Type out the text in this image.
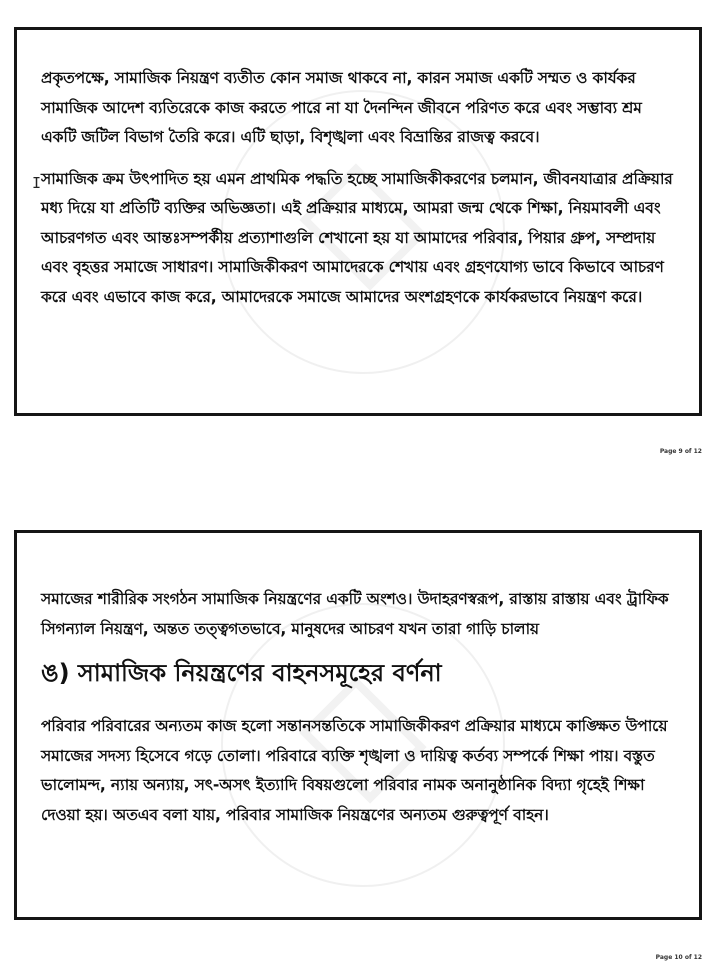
প্রকৃতপক্ষে, সামাজিক নিয়ন্ত্রণ ব্যতীত কোন সমাজ থাকবে না, কারন সমাজ একটি সম্মত ও কার্যকর সামাজিক আদেশ ব্যতিরেকে কাজ করতে পারে না যা দৈনন্দিন জীবনে পরিণত করে এবং সম্ভাব্য শ্রম একটি জটিল বিভাগ তৈরি করে। এটি ছাড়া, বিশৃঙ্খলা এবং বিভ্রান্তির রাজত্ব করবে।

সামাজিক ক্রম উৎপাদিত হয় এমন প্রাথমিক পদ্ধতি হচ্ছে সামাজিকীকরণের চলমান, জীবনযাত্রার প্রক্রিয়ার মধ্য দিয়ে যা প্রতিটি ব্যক্তির অভিজ্ঞতা। এই প্রক্রিয়ার মাধ্যমে, আমরা জন্ম থেকে শিক্ষা, নিয়মাবলী এবং আচরণগত এবং আন্তঃসম্পর্কীয় প্রত্যাশাগুলি শেখানো হয় যা আমাদের পরিবার, পিয়ার গ্রুপ, সম্প্রদায় এবং বৃহত্তর সমাজে সাধারণ। সামাজিকীকরণ আমাদেরকে শেখায় এবং গ্রহণযোগ্য ভাবে কিভাবে আচরণ করে এবং এভাবে কাজ করে, আমাদেরকে সমাজে আমাদের অংশগ্রহণকে কার্যকরভাবে নিয়ন্ত্রণ করে।

I
Page 9 of 12

সমাজের শারীরিক সংগঠন সামাজিক নিয়ন্ত্রণের একটি অংশও। উদাহরণস্বরূপ, রাস্তায় রাস্তায় এবং ট্রাফিক সিগন্যাল নিয়ন্ত্রণ, অন্তত তত্ত্বগতভাবে, মানুষদের আচরণ যখন তারা গাড়ি চালায়

ঙ) সামাজিক নিয়ন্ত্রণের বাহনসমূহের বর্ণনা

পরিবার পরিবারের অন্যতম কাজ হলো সন্তানসন্ততিকে সামাজিকীকরণ প্রক্রিয়ার মাধ্যমে কাঙ্ক্ষিত উপায়ে সমাজের সদস্য হিসেবে গড়ে তোলা। পরিবারে ব্যক্তি শৃঙ্খলা ও দায়িত্ব কর্তব্য সম্পর্কে শিক্ষা পায়। বস্তুত ভালোমন্দ, ন্যায় অন্যায়, সৎ-অসৎ ইত্যাদি বিষয়গুলো পরিবার নামক অনানুষ্ঠানিক বিদ্যা গৃহেই শিক্ষা দেওয়া হয়। অতএব বলা যায়, পরিবার সামাজিক নিয়ন্ত্রণের অন্যতম গুরুত্বপূর্ণ বাহন।

Page 10 of 12
